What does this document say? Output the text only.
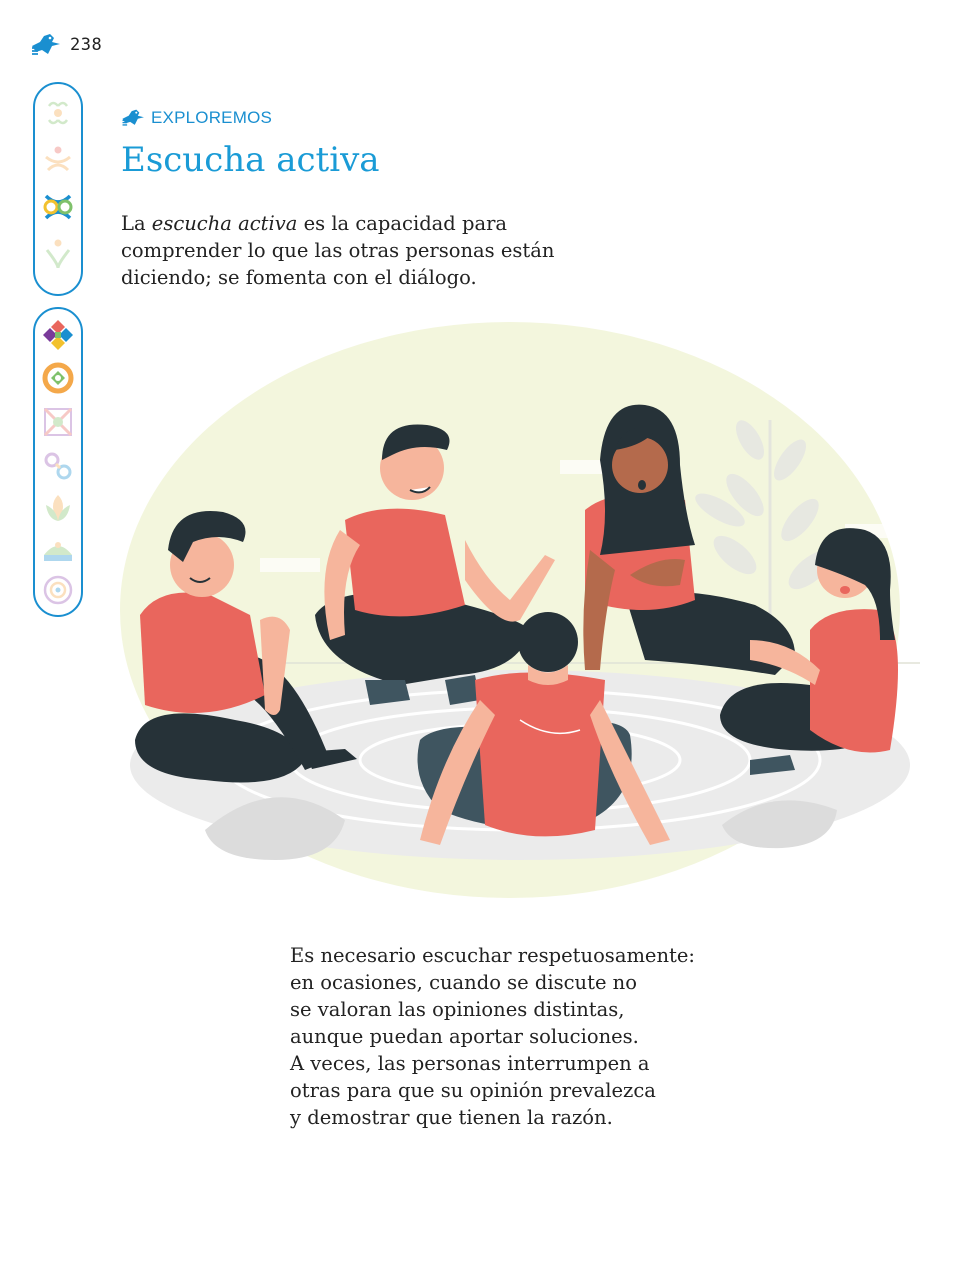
238
EXPLOREMOS
Escucha activa

La escucha activa es la capacidad para comprender lo que las otras personas están diciendo; se fomenta con el diálogo.

Es necesario escuchar respetuosamente:
en ocasiones, cuando se discute no
se valoran las opiniones distintas,
aunque puedan aportar soluciones.
A veces, las personas interrumpen a
otras para que su opinión prevalezca
y demostrar que tienen la razón.
